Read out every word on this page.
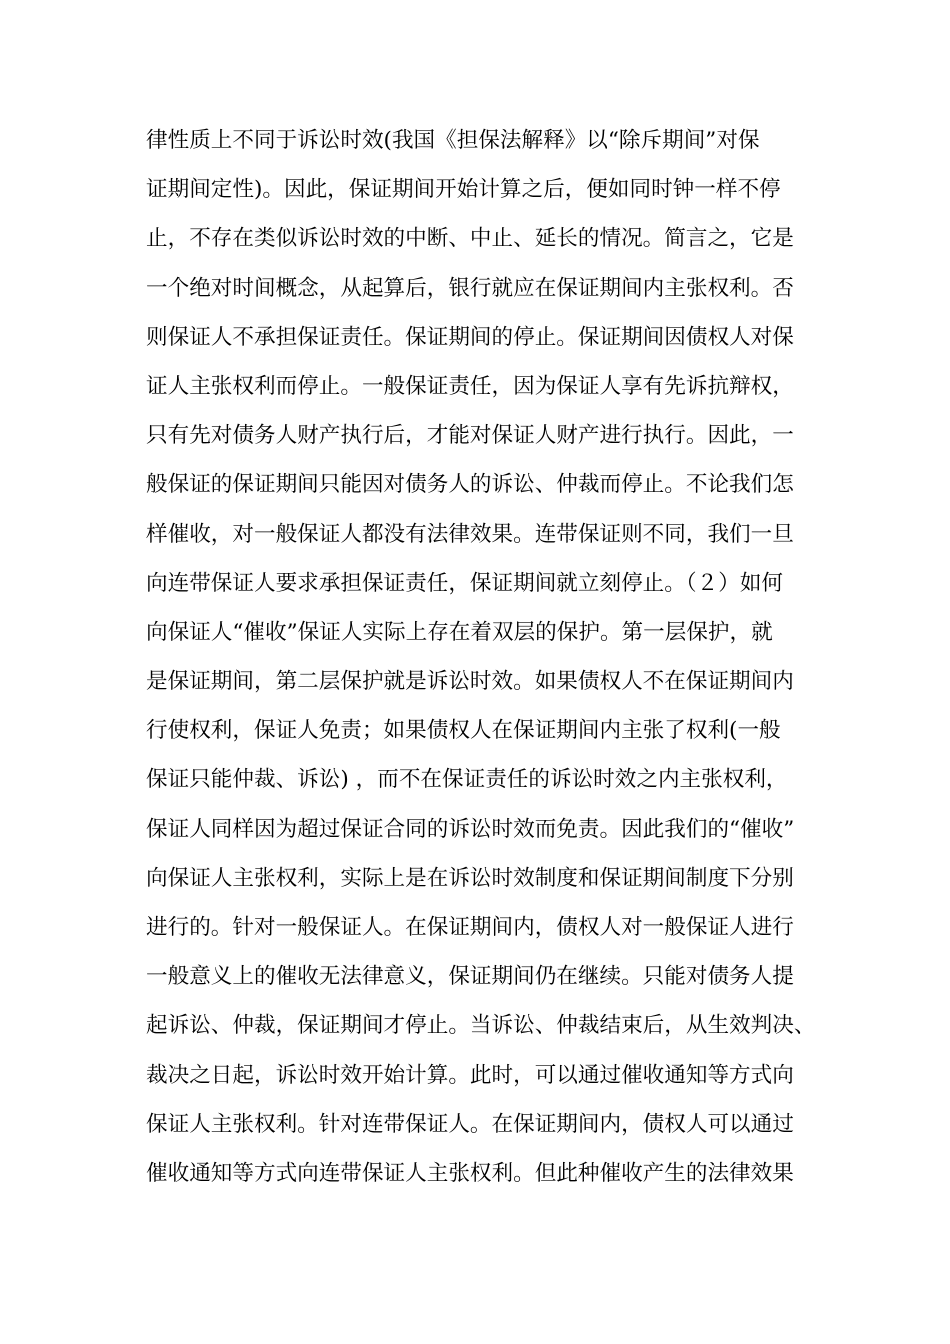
律性质上不同于诉讼时效(我国《担保法解释》以“除斥期间”对保
证期间定性)。因此，保证期间开始计算之后，便如同时钟一样不停
止，不存在类似诉讼时效的中断、中止、延长的情况。简言之，它是
一个绝对时间概念，从起算后，银行就应在保证期间内主张权利。否
则保证人不承担保证责任。保证期间的停止。保证期间因债权人对保
证人主张权利而停止。一般保证责任，因为保证人享有先诉抗辩权，
只有先对债务人财产执行后，才能对保证人财产进行执行。因此，一
般保证的保证期间只能因对债务人的诉讼、仲裁而停止。不论我们怎
样催收，对一般保证人都没有法律效果。连带保证则不同，我们一旦
向连带保证人要求承担保证责任，保证期间就立刻停止。（２）如何
向保证人“催收”保证人实际上存在着双层的保护。第一层保护，就
是保证期间，第二层保护就是诉讼时效。如果债权人不在保证期间内
行使权利，保证人免责；如果债权人在保证期间内主张了权利(一般
保证只能仲裁、诉讼) ，而不在保证责任的诉讼时效之内主张权利，
保证人同样因为超过保证合同的诉讼时效而免责。因此我们的“催收”
向保证人主张权利，实际上是在诉讼时效制度和保证期间制度下分别
进行的。针对一般保证人。在保证期间内，债权人对一般保证人进行
一般意义上的催收无法律意义，保证期间仍在继续。只能对债务人提
起诉讼、仲裁，保证期间才停止。当诉讼、仲裁结束后，从生效判决、
裁决之日起，诉讼时效开始计算。此时，可以通过催收通知等方式向
保证人主张权利。针对连带保证人。在保证期间内，债权人可以通过
催收通知等方式向连带保证人主张权利。但此种催收产生的法律效果
